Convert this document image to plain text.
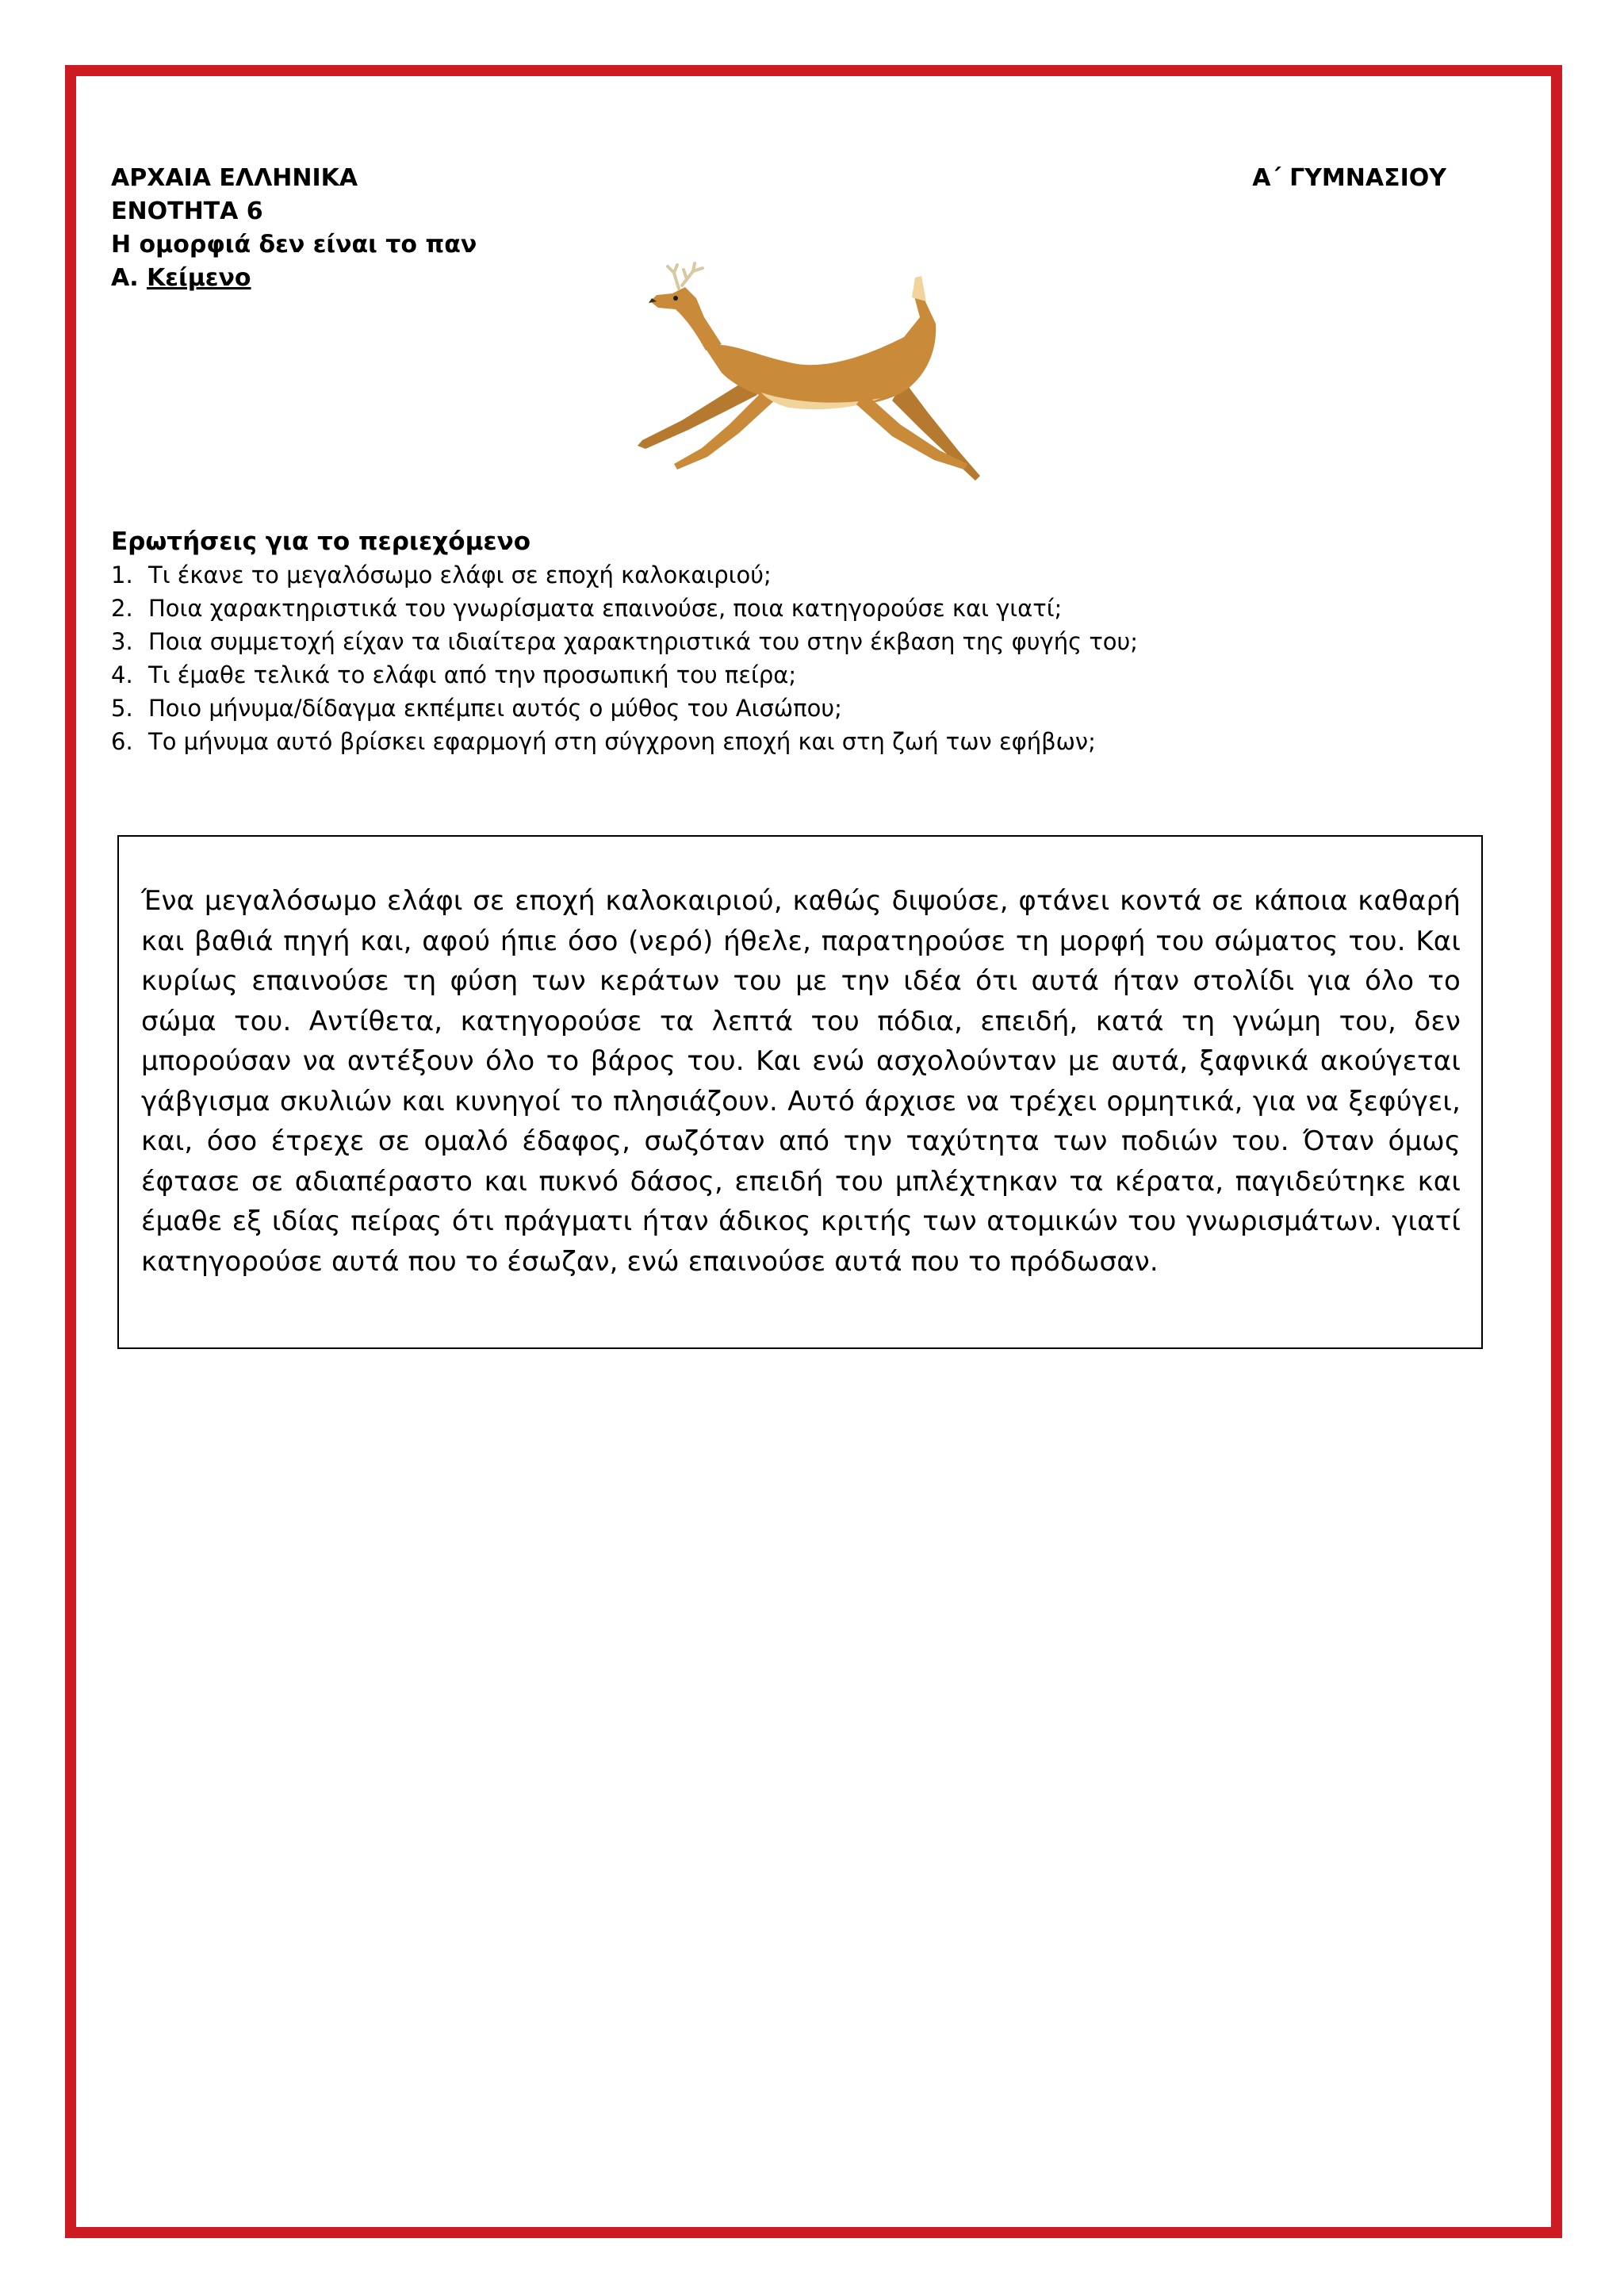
ΑΡΧΑΙΑ ΕΛΛΗΝΙΚΑ
ΕΝΟΤΗΤΑ 6
Η ομορφιά δεν είναι το παν
Α. Κείμενο
Α΄ ΓΥΜΝΑΣΙΟΥ
Ερωτήσεις για το περιεχόμενο
1. Τι έκανε το μεγαλόσωμο ελάφι σε εποχή καλοκαιριού;
2. Ποια χαρακτηριστικά του γνωρίσματα επαινούσε, ποια κατηγορούσε και γιατί;
3. Ποια συμμετοχή είχαν τα ιδιαίτερα χαρακτηριστικά του στην έκβαση της φυγής του;
4. Τι έμαθε τελικά το ελάφι από την προσωπική του πείρα;
5. Ποιο μήνυμα/δίδαγμα εκπέμπει αυτός ο μύθος του Αισώπου;
6. Το μήνυμα αυτό βρίσκει εφαρμογή στη σύγχρονη εποχή και στη ζωή των εφήβων;

Ένα μεγαλόσωμο ελάφι σε εποχή καλοκαιριού, καθώς διψούσε, φτάνει κοντά σε κάποια καθαρή και βαθιά πηγή και, αφού ήπιε όσο (νερό) ήθελε, παρατηρούσε τη μορφή του σώματος του. Και κυρίως επαινούσε τη φύση των κεράτων του με την ιδέα ότι αυτά ήταν στολίδι για όλο το σώμα του. Αντίθετα, κατηγορούσε τα λεπτά του πόδια, επειδή, κατά τη γνώμη του, δεν μπορούσαν να αντέξουν όλο το βάρος του. Και ενώ ασχολούνταν με αυτά, ξαφνικά ακούγεται γάβγισμα σκυλιών και κυνηγοί το πλησιάζουν. Αυτό άρχισε να τρέχει ορμητικά, για να ξεφύγει, και, όσο έτρεχε σε ομαλό έδαφος, σωζόταν από την ταχύτητα των ποδιών του. Όταν όμως έφτασε σε αδιαπέραστο και πυκνό δάσος, επειδή του μπλέχτηκαν τα κέρατα, παγιδεύτηκε και έμαθε εξ ιδίας πείρας ότι πράγματι ήταν άδικος κριτής των ατομικών του γνωρισμάτων. γιατί κατηγορούσε αυτά που το έσωζαν, ενώ επαινούσε αυτά που το πρόδωσαν.
